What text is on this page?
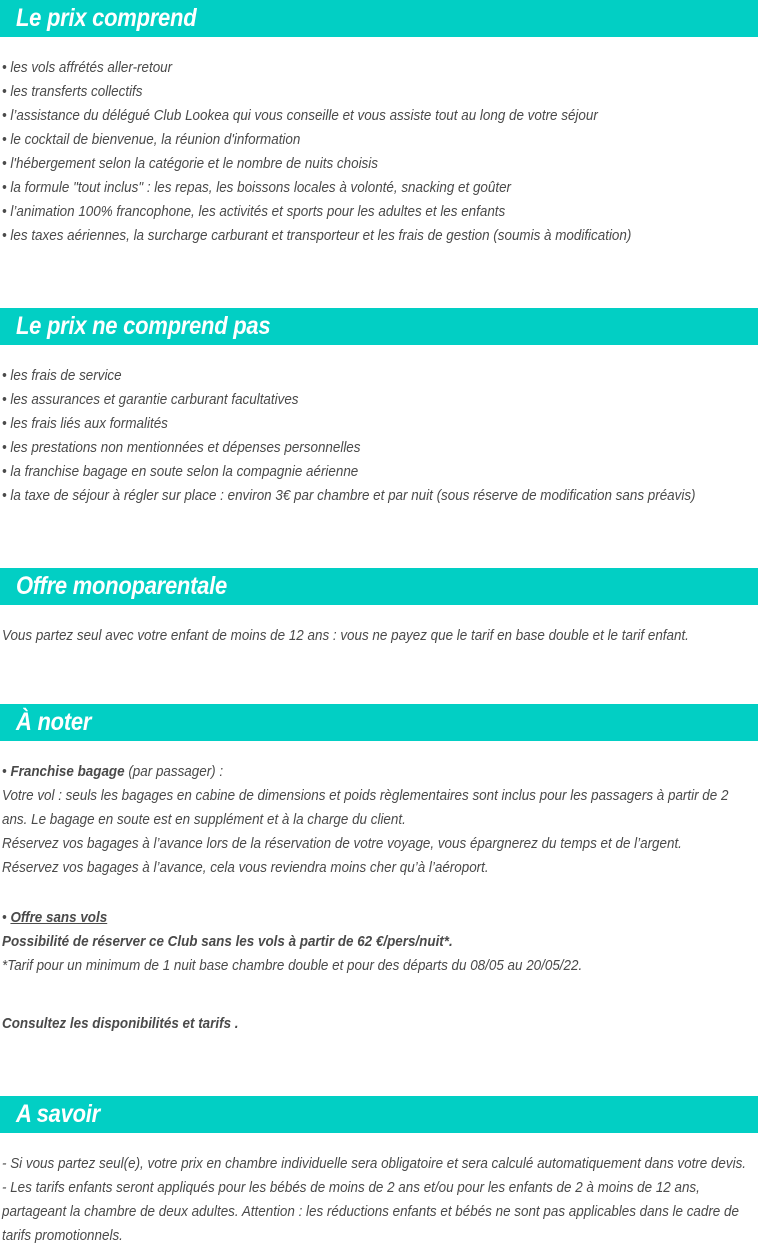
Le prix comprend
• les vols affrétés aller-retour
• les transferts collectifs
• l’assistance du délégué Club Lookea qui vous conseille et vous assiste tout au long de votre séjour
• le cocktail de bienvenue, la réunion d'information
• l'hébergement selon la catégorie et le nombre de nuits choisis
• la formule "tout inclus" : les repas, les boissons locales à volonté, snacking et goûter
• l’animation 100% francophone, les activités et sports pour les adultes et les enfants
• les taxes aériennes, la surcharge carburant et transporteur et les frais de gestion (soumis à modification)
Le prix ne comprend pas
• les frais de service
• les assurances et garantie carburant facultatives
• les frais liés aux formalités
• les prestations non mentionnées et dépenses personnelles
• la franchise bagage en soute selon la compagnie aérienne
• la taxe de séjour à régler sur place : environ 3€ par chambre et par nuit (sous réserve de modification sans préavis)
Offre monoparentale
Vous partez seul avec votre enfant de moins de 12 ans : vous ne payez que le tarif en base double et le tarif enfant.
À noter
• Franchise bagage (par passager) :
Votre vol : seuls les bagages en cabine de dimensions et poids règlementaires sont inclus pour les passagers à partir de 2 ans. Le bagage en soute est en supplément et à la charge du client.
Réservez vos bagages à l’avance lors de la réservation de votre voyage, vous épargnerez du temps et de l’argent.
Réservez vos bagages à l’avance, cela vous reviendra moins cher qu’à l’aéroport.
• Offre sans vols
Possibilité de réserver ce Club sans les vols à partir de 62 €/pers/nuit*.
*Tarif pour un minimum de 1 nuit base chambre double et pour des départs du 08/05 au 20/05/22.
Consultez les disponibilités et tarifs .
A savoir
- Si vous partez seul(e), votre prix en chambre individuelle sera obligatoire et sera calculé automatiquement dans votre devis.
- Les tarifs enfants seront appliqués pour les bébés de moins de 2 ans et/ou pour les enfants de 2 à moins de 12 ans, partageant la chambre de deux adultes. Attention : les réductions enfants et bébés ne sont pas applicables dans le cadre de tarifs promotionnels.
